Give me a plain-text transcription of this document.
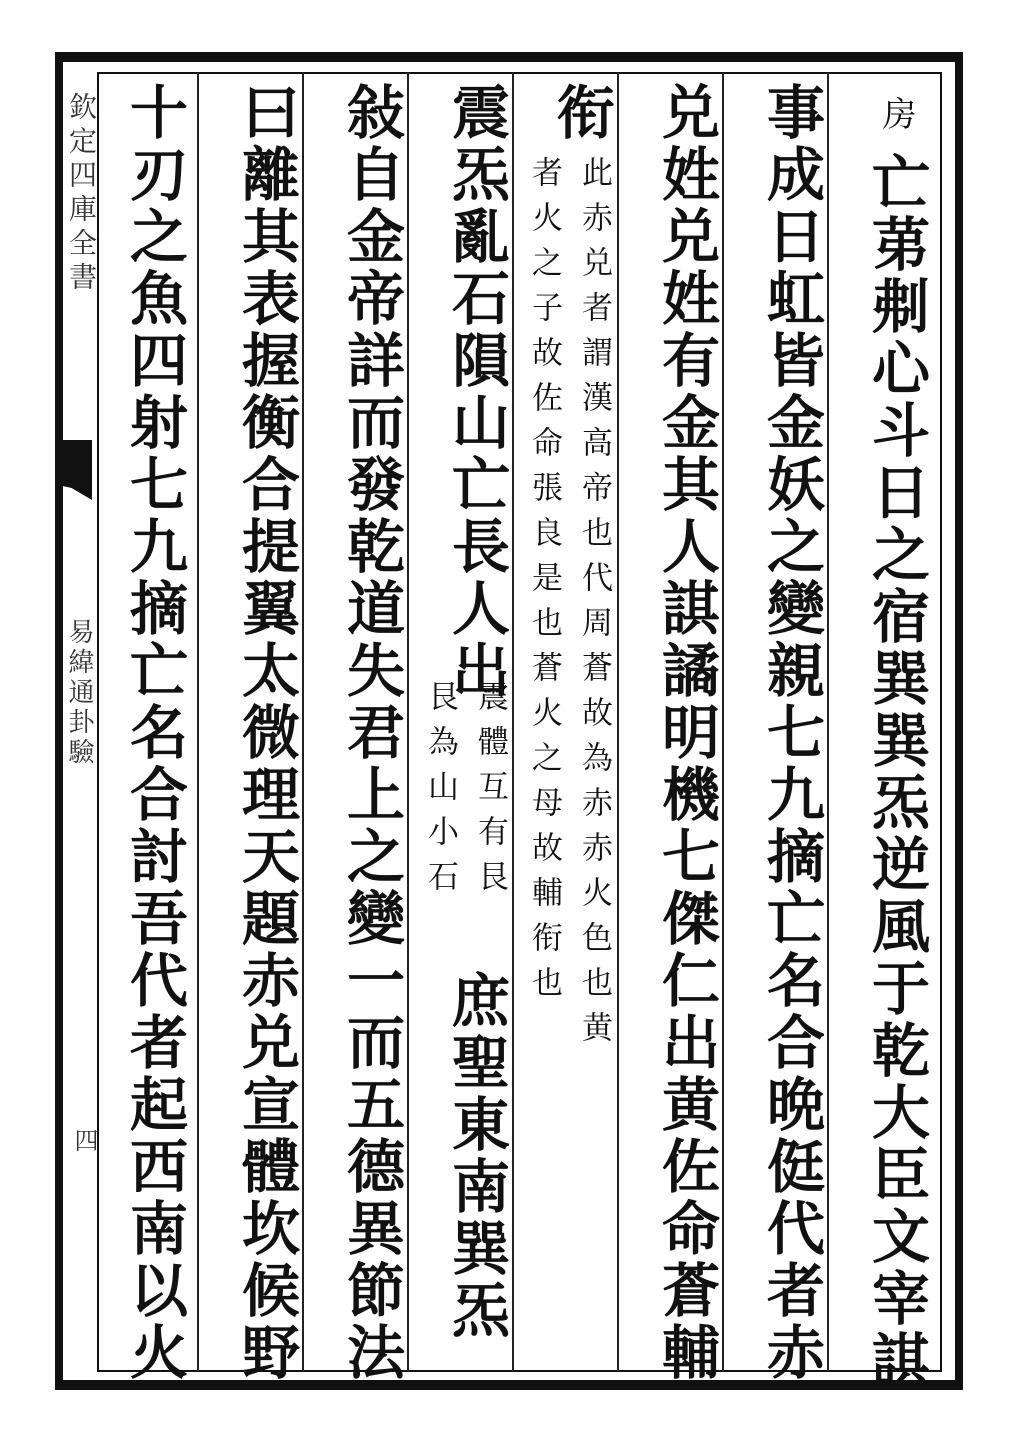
欽定四庫全書

易緯通卦驗

四

房

亡苐刜心斗日之宿巽巽炁逆風于乾大臣文宰諆

事成日虹皆金妖之變親七九摘亡名合晩侹代者赤

兑姓兑姓有金其人諆譎明機七傑仁出黄佐命蒼輔

衔

此赤兑者謂漢高帝也代周蒼故為赤赤火色也黄

者火之子故佐命張良是也蒼火之母故輔衔也

震炁亂石隕山亡長人出

震體互有艮

艮為山小石

庶聖東南巽炁

敍自金帝詳而發乾道失君上之變一而五德異節法

曰離其表握衡合提翼太微理天題赤兑宣體坎候野

十刃之魚四射七九摘亡名合討吾代者起西南以火
